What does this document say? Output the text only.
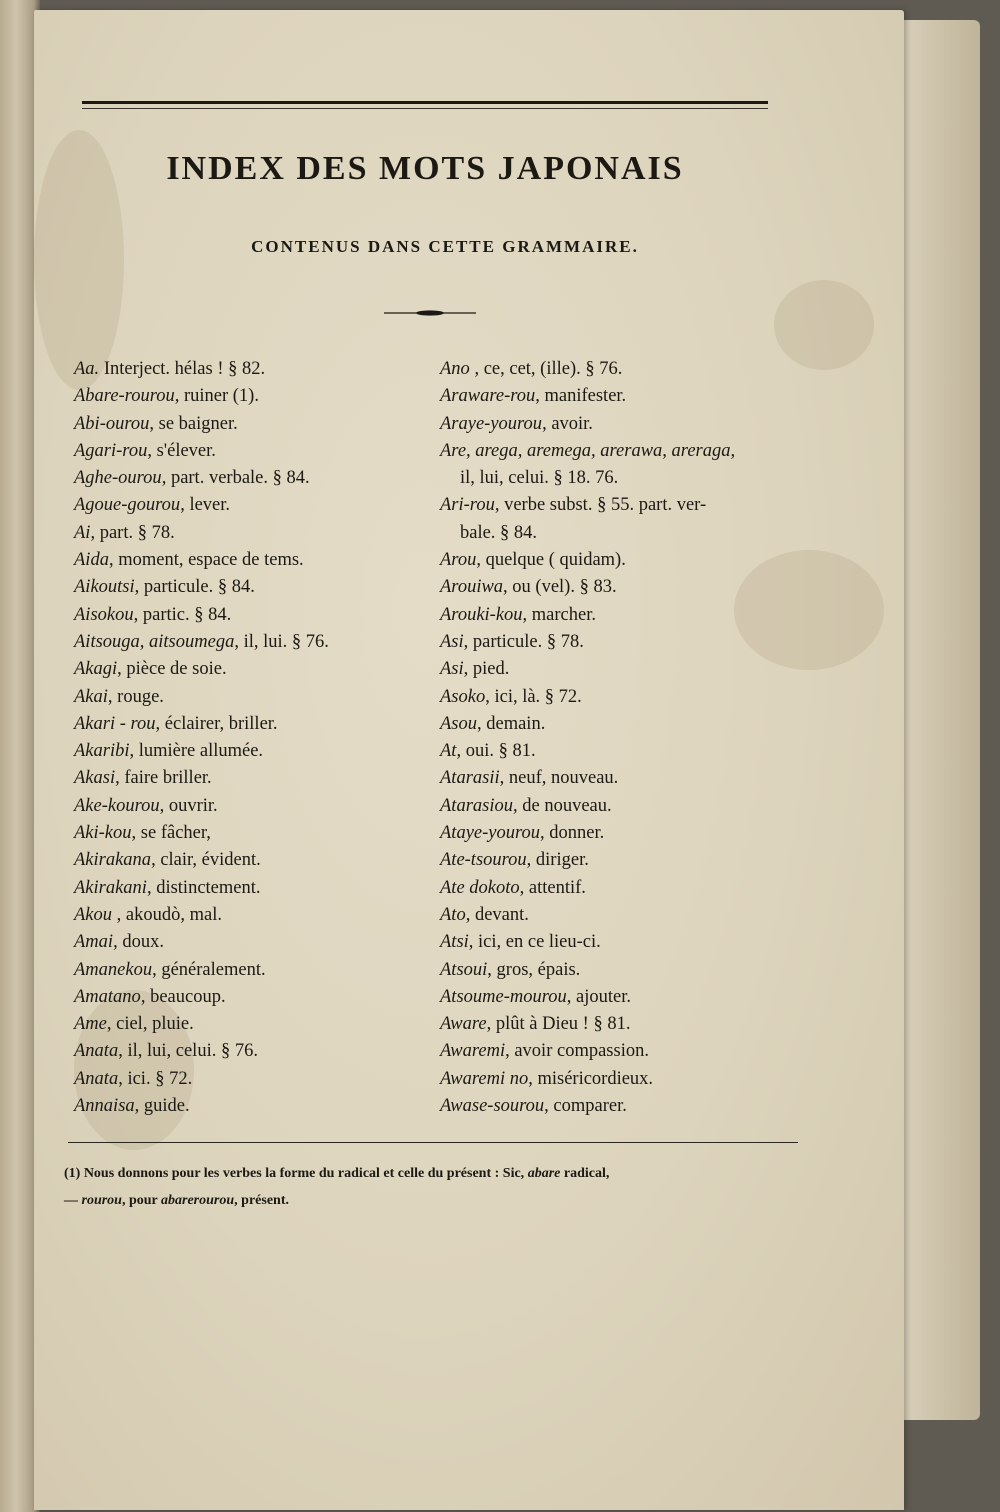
INDEX DES MOTS JAPONAIS
CONTENUS DANS CETTE GRAMMAIRE.
Aa. Interject. hélas ! § 82.
Abare-rourou, ruiner (1).
Abi-ourou, se baigner.
Agari-rou, s'élever.
Aghe-ourou, part. verbale. § 84.
Agoue-gourou, lever.
Ai, part. § 78.
Aida, moment, espace de tems.
Aikoutsi, particule. § 84.
Aisokou, partic. § 84.
Aitsouga, aitsoumega, il, lui. § 76.
Akagi, pièce de soie.
Akai, rouge.
Akari - rou, éclairer, briller.
Akaribi, lumière allumée.
Akasi, faire briller.
Ake-kourou, ouvrir.
Aki-kou, se fâcher,
Akirakana, clair, évident.
Akirakani, distinctement.
Akou , akoudò, mal.
Amai, doux.
Amanekou, généralement.
Amatano, beaucoup.
Ame, ciel, pluie.
Anata, il, lui, celui. § 76.
Anata, ici. § 72.
Annaisa, guide.
Ano , ce, cet, (ille). § 76.
Araware-rou, manifester.
Araye-yourou, avoir.
Are, arega, aremega, arerawa, areraga,
il, lui, celui. § 18. 76.
Ari-rou, verbe subst. § 55. part. ver-
bale. § 84.
Arou, quelque ( quidam).
Arouiwa, ou (vel). § 83.
Arouki-kou, marcher.
Asi, particule. § 78.
Asi, pied.
Asoko, ici, là. § 72.
Asou, demain.
At, oui. § 81.
Atarasii, neuf, nouveau.
Atarasiou, de nouveau.
Ataye-yourou, donner.
Ate-tsourou, diriger.
Ate dokoto, attentif.
Ato, devant.
Atsi, ici, en ce lieu-ci.
Atsoui, gros, épais.
Atsoume-mourou, ajouter.
Aware, plût à Dieu ! § 81.
Awaremi, avoir compassion.
Awaremi no, miséricordieux.
Awase-sourou, comparer.
(1) Nous donnons pour les verbes la forme du radical et celle du présent : Sic, abare radical,
— rourou, pour abarerourou, présent.
